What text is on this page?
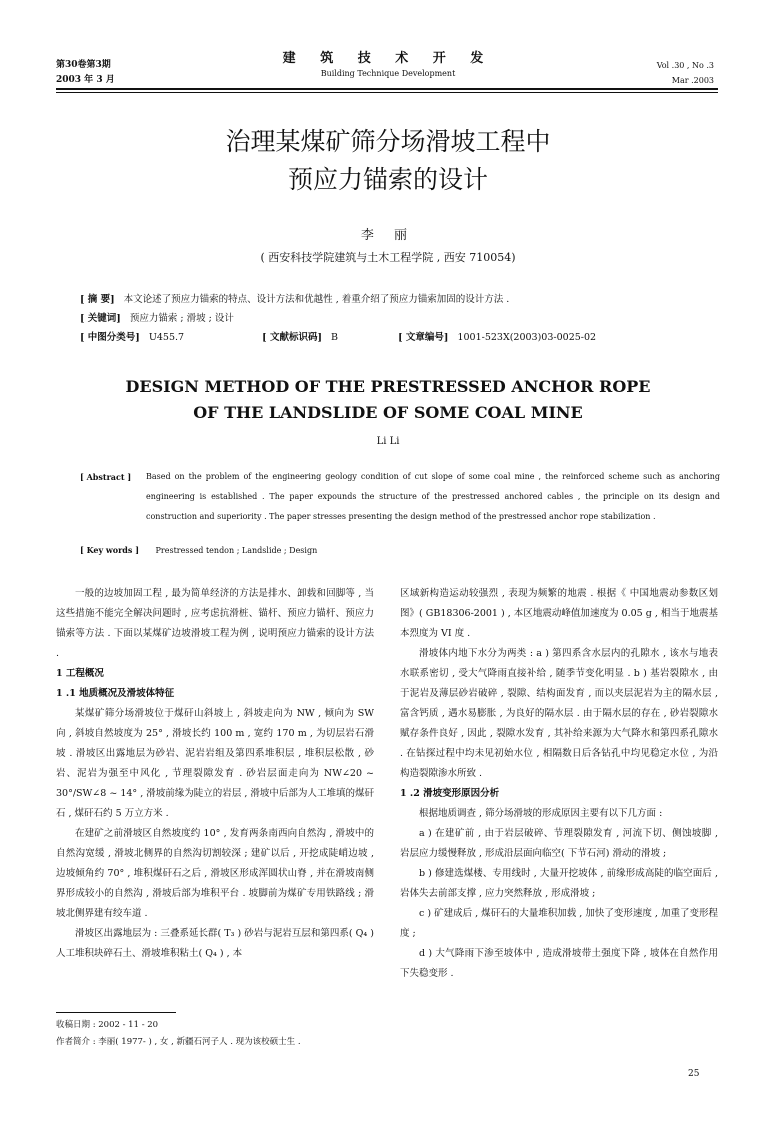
第30卷第3期
2003 年 3 月
建 筑 技 术 开 发
Building Technique Development
Vol .30 , No .3
Mar .2003
治理某煤矿筛分场滑坡工程中
预应力锚索的设计
李 丽
( 西安科技学院建筑与土木工程学院 , 西安 710054)
[ 摘 要] 本文论述了预应力锚索的特点、设计方法和优越性 , 着重介绍了预应力锚索加固的设计方法 .
[ 关键词] 预应力锚索 ; 滑坡 ; 设计
[ 中图分类号] U455.7	[ 文献标识码] B	[ 文章编号] 1001-523X(2003)03-0025-02
DESIGN METHOD OF THE PRESTRESSED ANCHOR ROPE
OF THE LANDSLIDE OF SOME COAL MINE
Li Li
[ Abstract ]	Based on the problem of the engineering geology condition of cut slope of some coal mine , the reinforced scheme such as anchoring engineering is established . The paper expounds the structure of the prestressed anchored cables , the principle on its design and construction and superiority . The paper stresses presenting the design method of the prestressed anchor rope stabilization .
[ Key words ] Prestressed tendon ; Landslide ; Design

一般的边坡加固工程 , 最为简单经济的方法是排水、卸载和回脚等 , 当这些措施不能完全解决问题时 , 应考虑抗滑桩、锚杆、预应力锚杆、预应力锚索等方法 . 下面以某煤矿边坡滑坡工程为例 , 说明预应力锚索的设计方法 .

1 工程概况

1 .1 地质概况及滑坡体特征

某煤矿筛分场滑坡位于煤矸山斜坡上 , 斜坡走向为 NW , 倾向为 SW 向 , 斜坡自然坡度为 25° , 滑坡长约 100 m , 宽约 170 m , 为切层岩石滑坡 . 滑坡区出露地层为砂岩、泥岩岩组及第四系堆积层 , 堆积层松散 , 砂岩、泥岩为强至中风化 , 节理裂隙发育 . 砂岩层面走向为 NW∠20 ~ 30°/SW∠8 ~ 14° , 滑坡前缘为陡立的岩层 , 滑坡中后部为人工堆填的煤矸石 , 煤矸石约 5 万立方米 .

在建矿之前滑坡区自然坡度约 10° , 发育两条南西向自然沟 , 滑坡中的自然沟宽缓 , 滑坡北侧界的自然沟切割较深 ; 建矿以后 , 开挖成陡峭边坡 , 边坡倾角约 70° , 堆积煤矸石之后 , 滑坡区形成浑圆状山脊 , 并在滑坡南侧界形成较小的自然沟 , 滑坡后部为堆积平台 . 坡脚前为煤矿专用铁路线 ; 滑坡北侧界建有绞车道 .

滑坡区出露地层为 : 三叠系延长群( T₃ ) 砂岩与泥岩互层和第四系( Q₄ ) 人工堆积块碎石土、滑坡堆积粘土( Q₄ ) , 本

区域新构造运动较强烈 , 表现为频繁的地震 . 根据《 中国地震动参数区划图》( GB18306-2001 ) , 本区地震动峰值加速度为 0.05 g , 相当于地震基本烈度为 VI 度 .

滑坡体内地下水分为两类 : a ) 第四系含水层内的孔隙水 , 该水与地表水联系密切 , 受大气降雨直接补给 , 随季节变化明显 . b ) 基岩裂隙水 , 由于泥岩及薄层砂岩破碎 , 裂隙、结构面发育 , 而以夹层泥岩为主的隔水层 , 富含钙质 , 遇水易膨胀 , 为良好的隔水层 . 由于隔水层的存在 , 砂岩裂隙水赋存条件良好 , 因此 , 裂隙水发育 , 其补给来源为大气降水和第四系孔隙水 . 在钻探过程中均未见初始水位 , 相隔数日后各钻孔中均见稳定水位 , 为沿构造裂隙渗水所致 .

1 .2 滑坡变形原因分析

根据地质调查 , 筛分场滑坡的形成原因主要有以下几方面 :

a ) 在建矿前 , 由于岩层破碎、节理裂隙发育 , 河流下切、侧蚀坡脚 , 岩层应力缓慢释放 , 形成沿层面向临空( 下节石河) 滑动的滑坡 ;

b ) 修建选煤楼、专用线时 , 大量开挖坡体 , 前缘形成高陡的临空面后 , 岩体失去前部支撑 , 应力突然释放 , 形成滑坡 ;

c ) 矿建成后 , 煤矸石的大量堆积加载 , 加快了变形速度 , 加重了变形程度 ;

d ) 大气降雨下渗至坡体中 , 造成滑坡带土强度下降 , 坡体在自然作用下失稳变形 .

收稿日期 : 2002 - 11 - 20
作者简介 : 李丽( 1977- ) , 女 , 新疆石河子人 . 现为该校硕士生 .
25
